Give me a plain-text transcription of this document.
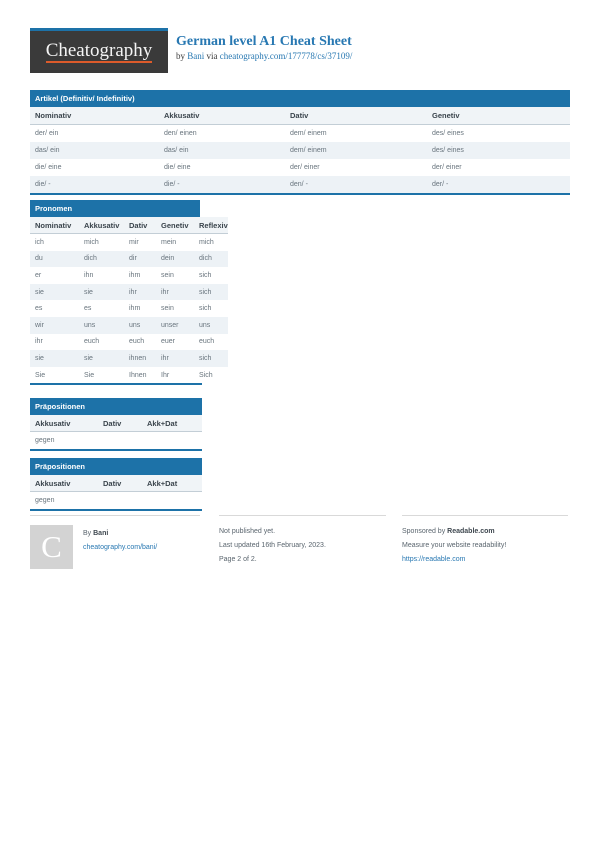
Cheatography German level A1 Cheat Sheet
by Bani via cheatography.com/177778/cs/37109/
Artikel (Definitiv/ Indefinitiv)
Nominativ	Akkusativ	Dativ	Genetiv
der/ ein	den/ einen	dem/ einem	des/ eines
das/ ein	das/ ein	dem/ einem	des/ eines
die/ eine	die/ eine	der/ einer	der/ einer
die/ -	die/ -	den/ -	der/ -
Pronomen
Nominativ	Akkusativ	Dativ	Genetiv	Reflexiv
ich	mich	mir	mein	mich
du	dich	dir	dein	dich
er	ihn	ihm	sein	sich
sie	sie	ihr	ihr	sich
es	es	ihm	sein	sich
wir	uns	uns	unser	uns
ihr	euch	euch	euer	euch
sie	sie	ihnen	ihr	sich
Sie	Sie	Ihnen	Ihr	Sich
Präpositionen
Akkusativ	Dativ	Akk+Dat
gegen		
Präpositionen
Akkusativ	Dativ	Akk+Dat
gegen		
C	By Bani
cheatography.com/bani/
Not published yet.
Last updated 16th February, 2023.
Page 2 of 2.
Sponsored by Readable.com
Measure your website readability!
https://readable.com
